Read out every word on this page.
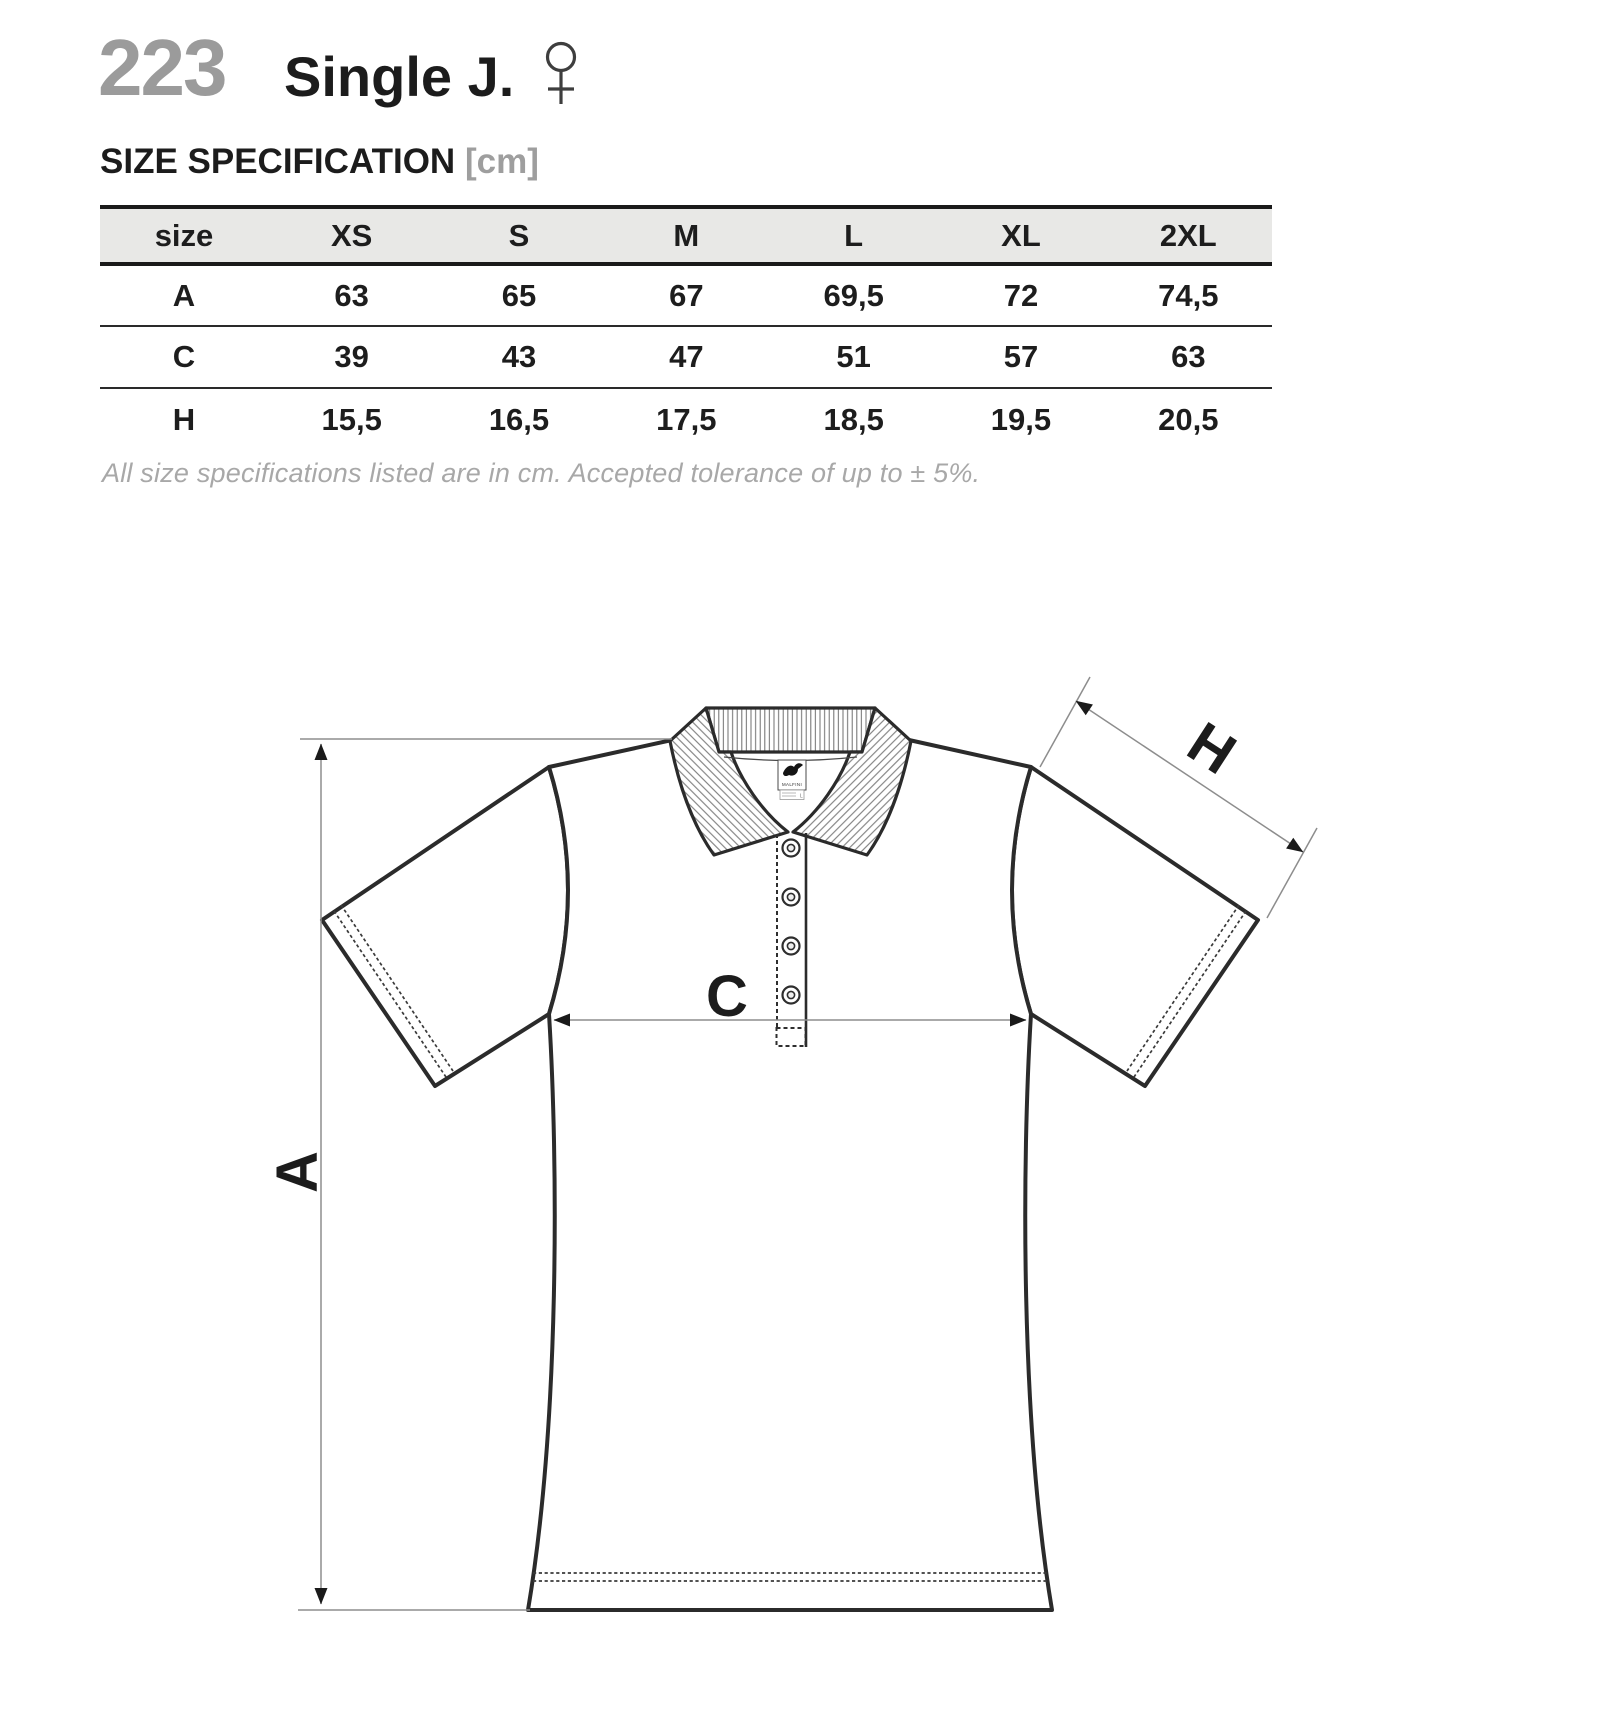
223 Single J.
SIZE SPECIFICATION [cm]
size	XS	S	M	L	XL	2XL
A	63	65	67	69,5	72	74,5
C	39	43	47	51	57	63
H	15,5	16,5	17,5	18,5	19,5	20,5
All size specifications listed are in cm. Accepted tolerance of up to ± 5%.
MALFINI
L
A
C
H
